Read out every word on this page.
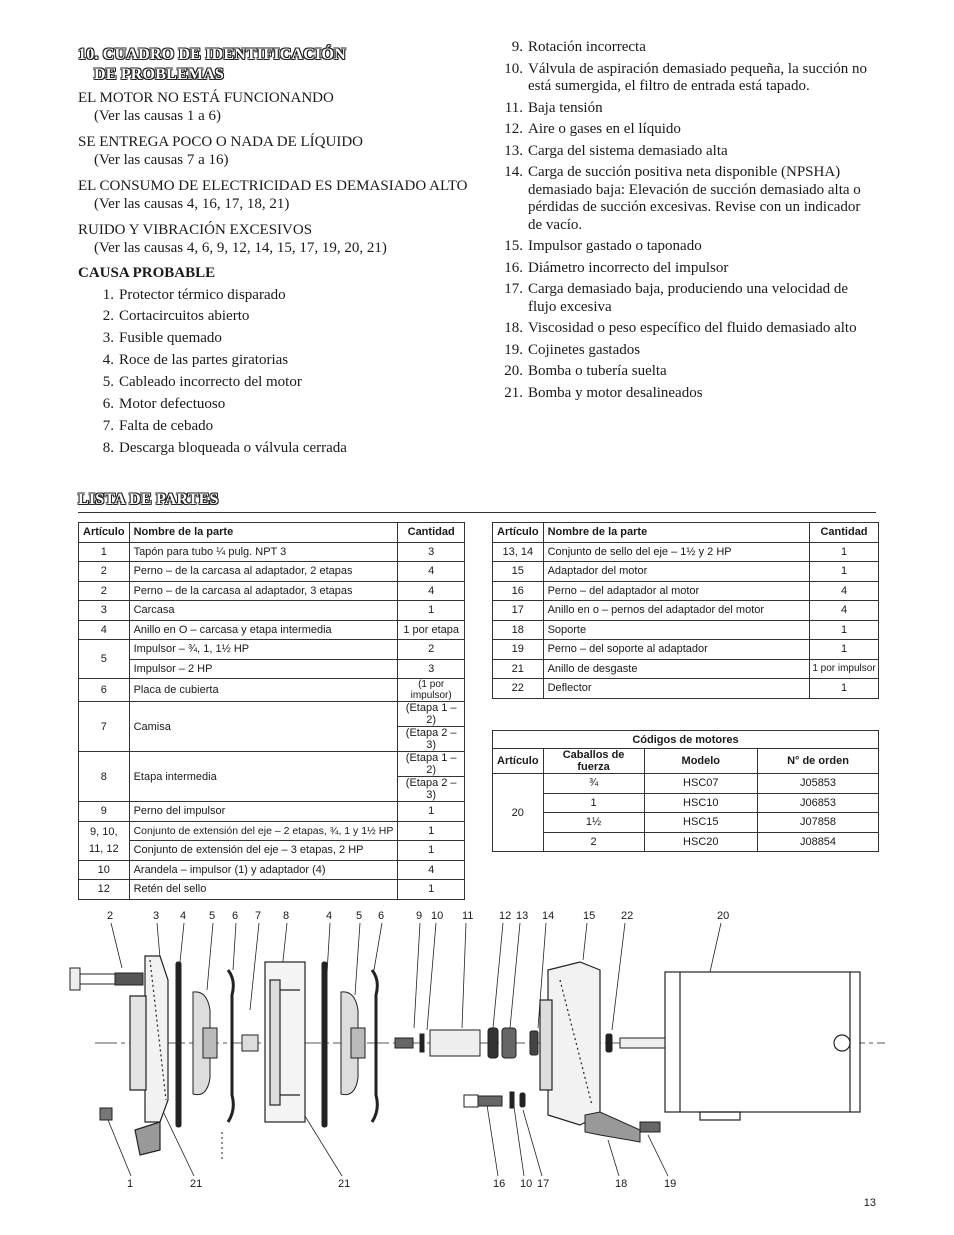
10. CUADRO DE IDENTIFICACIÓN
DE PROBLEMAS

EL MOTOR NO ESTÁ FUNCIONANDO

(Ver las causas 1 a 6)

SE ENTREGA POCO O NADA DE LÍQUIDO

(Ver las causas 7 a 16)

EL CONSUMO DE ELECTRICIDAD ES DEMASIADO ALTO

(Ver las causas 4, 16, 17, 18, 21)

RUIDO Y VIBRACIÓN EXCESIVOS

(Ver las causas 4, 6, 9, 12, 14, 15, 17, 19, 20, 21)

CAUSA PROBABLE

1. Protector térmico disparado
2. Cortacircuitos abierto
3. Fusible quemado
4. Roce de las partes giratorias
5. Cableado incorrecto del motor
6. Motor defectuoso
7. Falta de cebado
8. Descarga bloqueada o válvula cerrada
9. Rotación incorrecta
10. Válvula de aspiración demasiado pequeña, la succión no está sumergida, el filtro de entrada está tapado.
11. Baja tensión
12. Aire o gases en el líquido
13. Carga del sistema demasiado alta
14. Carga de succión positiva neta disponible (NPSHA) demasiado baja: Elevación de succión demasiado alta o pérdidas de succión excesivas. Revise con un indicador de vacío.
15. Impulsor gastado o taponado
16. Diámetro incorrecto del impulsor
17. Carga demasiado baja, produciendo una velocidad de flujo excesiva
18. Viscosidad o peso específico del fluido demasiado alto
19. Cojinetes gastados
20. Bomba o tubería suelta
21. Bomba y motor desalineados
LISTA DE PARTES
Artículo	Nombre de la parte	Cantidad
1	Tapón para tubo ¼ pulg. NPT 3	3
2	Perno – de la carcasa al adaptador, 2 etapas	4
2	Perno – de la carcasa al adaptador, 3 etapas	4
3	Carcasa	1
4	Anillo en O – carcasa y etapa intermedia	1 por etapa
5	Impulsor – ¾, 1, 1½ HP	2
	Impulsor – 2 HP	3
6	Placa de cubierta	(1 por impulsor)
7	Camisa	(Etapa 1 – 2)
		(Etapa 2 – 3)
8	Etapa intermedia	(Etapa 1 – 2)
		(Etapa 2 – 3)
9	Perno del impulsor	1
9, 10,
11, 12	Conjunto de extensión del eje – 2 etapas, ¾, 1 y 1½ HP	1
	Conjunto de extensión del eje – 3 etapas, 2 HP	1
10	Arandela – impulsor (1) y adaptador (4)	4
12	Retén del sello	1
Artículo	Nombre de la parte	Cantidad
13, 14	Conjunto de sello del eje – 1½ y 2 HP	1
15	Adaptador del motor	1
16	Perno – del adaptador al motor	4
17	Anillo en o – pernos del adaptador del motor	4
18	Soporte	1
19	Perno – del soporte al adaptador	1
21	Anillo de desgaste	1 por impulsor
22	Deflector	1
Códigos de motores			
Artículo	Caballos de fuerza	Modelo	N° de orden
20	¾	HSC07	J05853
	1	HSC10	J06853
	1½	HSC15	J07858
	2	HSC20	J08854
2	3 4 5 6 7 8	4 5 6	9 10 11 12 13 14	15 22	20
1	21	21	16 10 17	18	19
13
